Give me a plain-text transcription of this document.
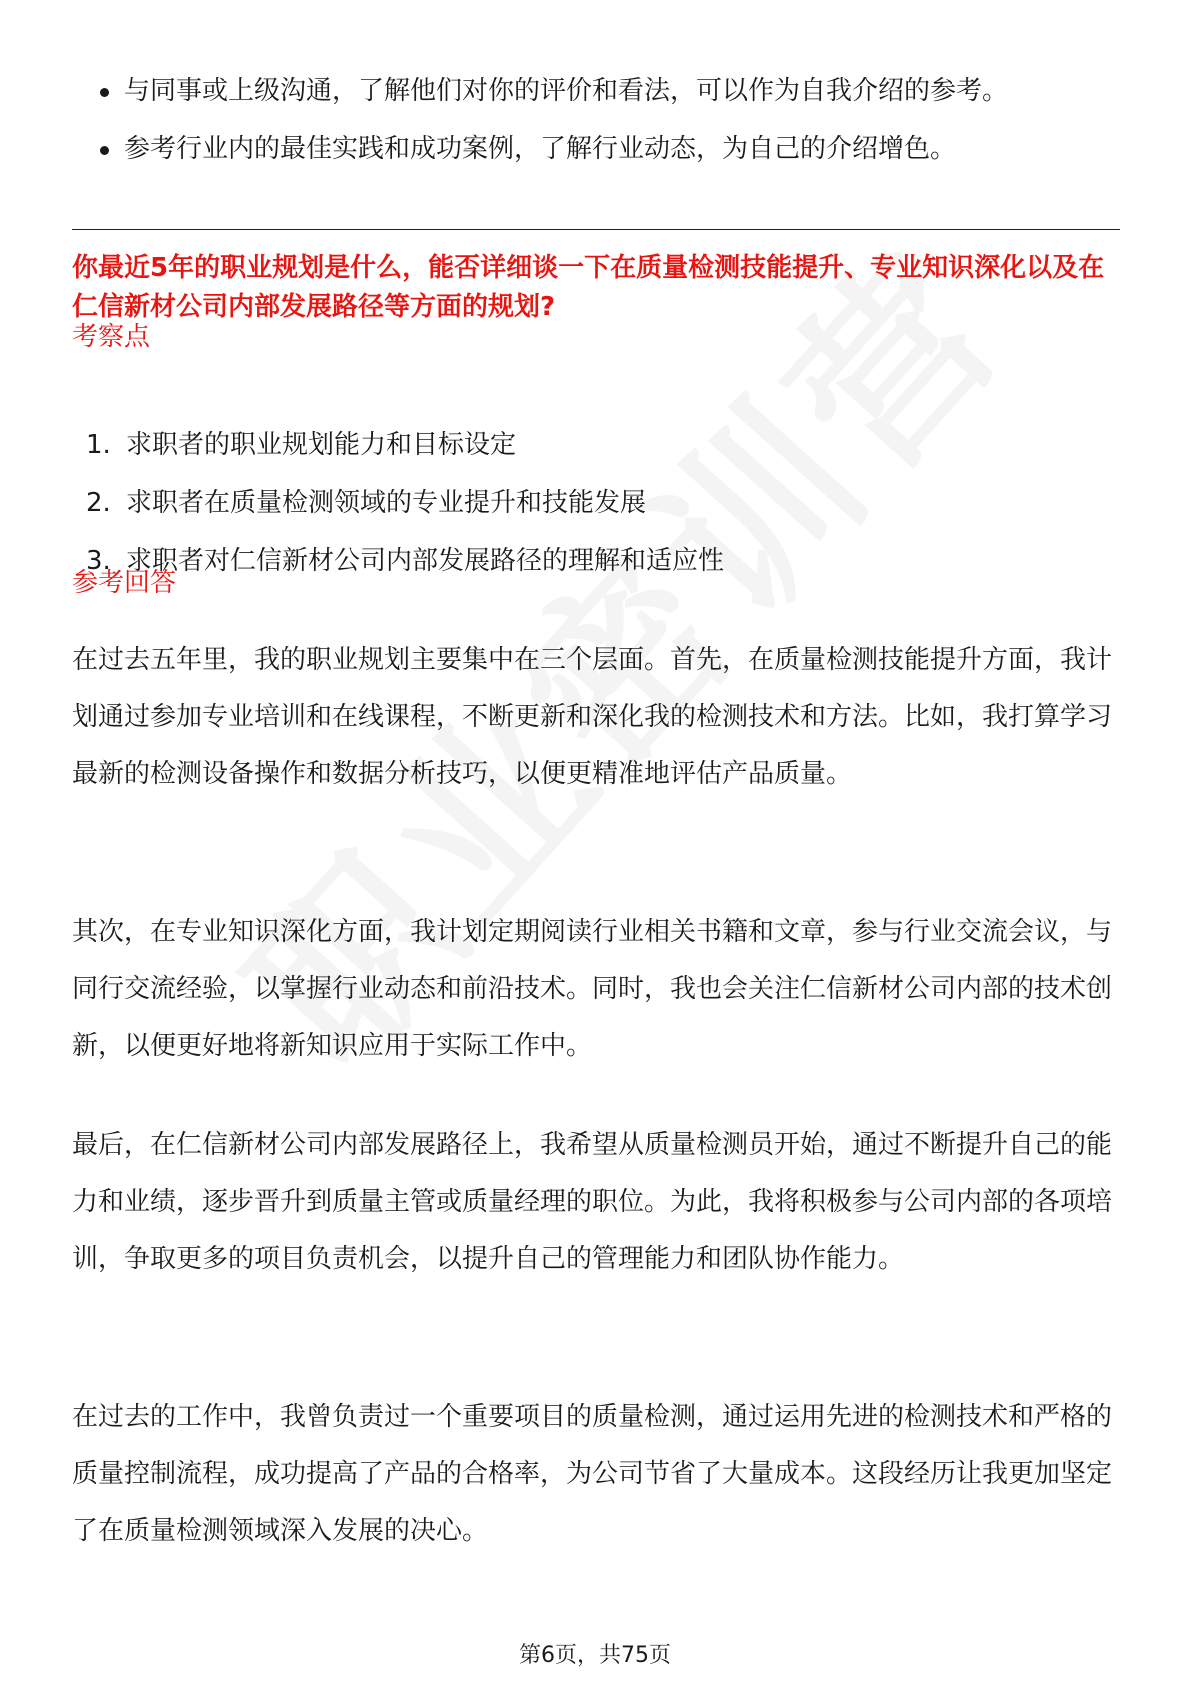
与同事或上级沟通，了解他们对你的评价和看法，可以作为自我介绍的参考。
参考行业内的最佳实践和成功案例，了解行业动态，为自己的介绍增色。
你最近5年的职业规划是什么，能否详细谈一下在质量检测技能提升、专业知识深化以及在仁信新材公司内部发展路径等方面的规划?
考察点
1. 求职者的职业规划能力和目标设定
2. 求职者在质量检测领域的专业提升和技能发展
3. 求职者对仁信新材公司内部发展路径的理解和适应性
参考回答

在过去五年里，我的职业规划主要集中在三个层面。首先，在质量检测技能提升方面，我计划通过参加专业培训和在线课程，不断更新和深化我的检测技术和方法。比如，我打算学习最新的检测设备操作和数据分析技巧，以便更精准地评估产品质量。

其次，在专业知识深化方面，我计划定期阅读行业相关书籍和文章，参与行业交流会议，与同行交流经验，以掌握行业动态和前沿技术。同时，我也会关注仁信新材公司内部的技术创新，以便更好地将新知识应用于实际工作中。

最后，在仁信新材公司内部发展路径上，我希望从质量检测员开始，通过不断提升自己的能力和业绩，逐步晋升到质量主管或质量经理的职位。为此，我将积极参与公司内部的各项培训，争取更多的项目负责机会，以提升自己的管理能力和团队协作能力。

在过去的工作中，我曾负责过一个重要项目的质量检测，通过运用先进的检测技术和严格的质量控制流程，成功提高了产品的合格率，为公司节省了大量成本。这段经历让我更加坚定了在质量检测领域深入发展的决心。

第6页，共75页
